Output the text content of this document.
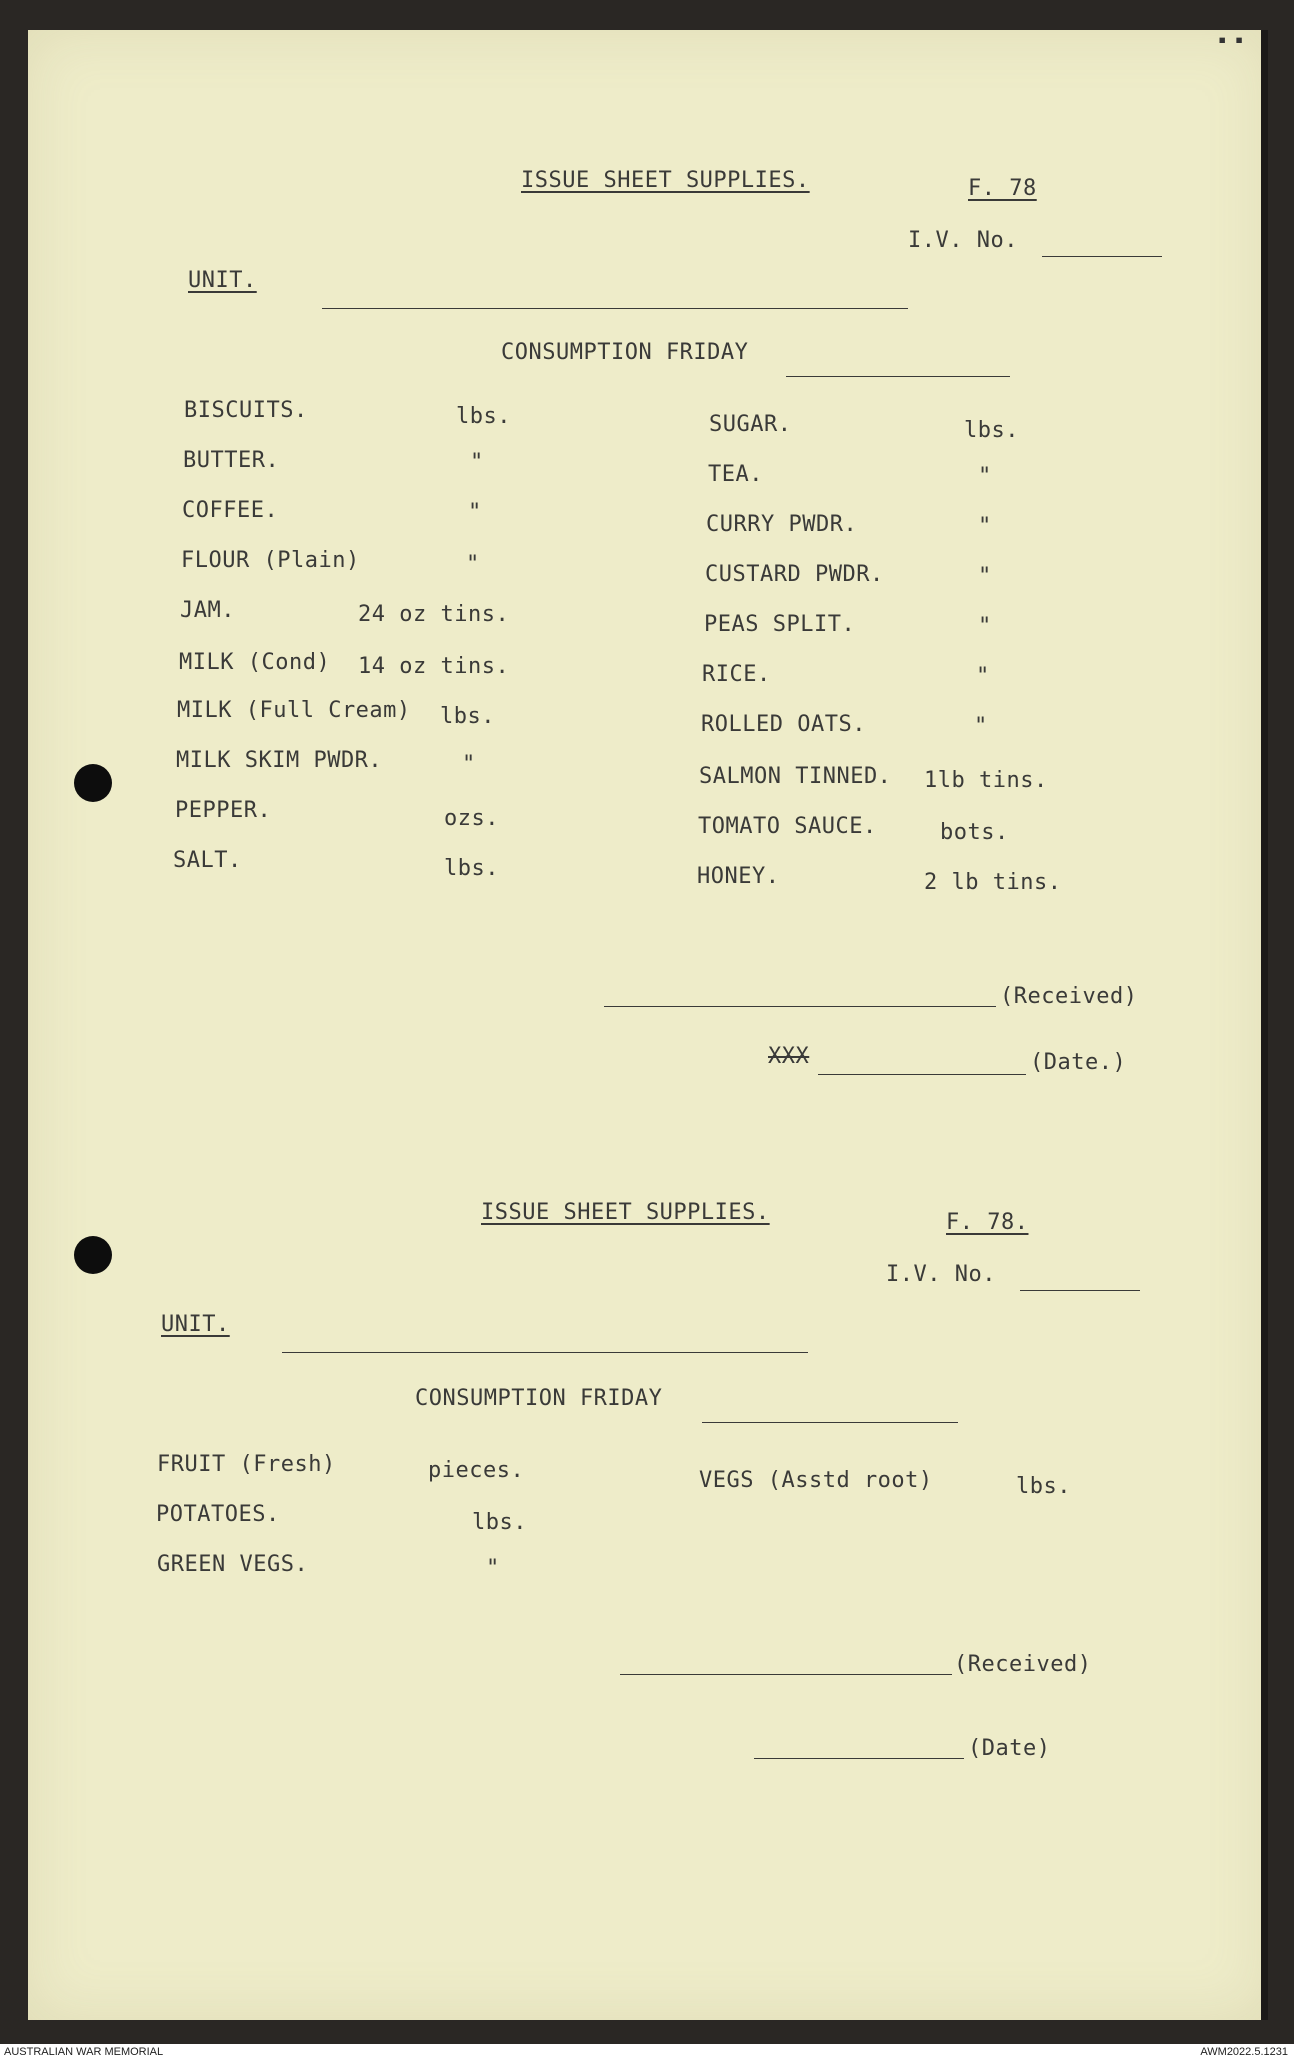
▪ ▪
ISSUE SHEET SUPPLIES.	F. 78
I.V. No.
UNIT.
CONSUMPTION FRIDAY
BISCUITS.	lbs.
BUTTER.	"
COFFEE.	"
FLOUR (Plain)	"
JAM.	24 oz tins.
MILK (Cond) 14 oz tins.
MILK (Full Cream) lbs.
MILK SKIM PWDR.	"
PEPPER.	ozs.
SALT.	lbs.
SUGAR.	lbs.
TEA.	"
CURRY PWDR.	"
CUSTARD PWDR.	"
PEAS SPLIT.	"
RICE.	"
ROLLED OATS.	"
SALMON TINNED. 1lb tins.
TOMATO SAUCE.	bots.
HONEY.	2 lb tins.
(Received)
XXX	(Date.)
ISSUE SHEET SUPPLIES.	F. 78.
I.V. No.
UNIT.
CONSUMPTION FRIDAY
FRUIT (Fresh)	pieces.
POTATOES.	lbs.
GREEN VEGS.	"
VEGS (Asstd root)	lbs.
(Received)
(Date)
AUSTRALIAN WAR MEMORIAL	AWM2022.5.1231
